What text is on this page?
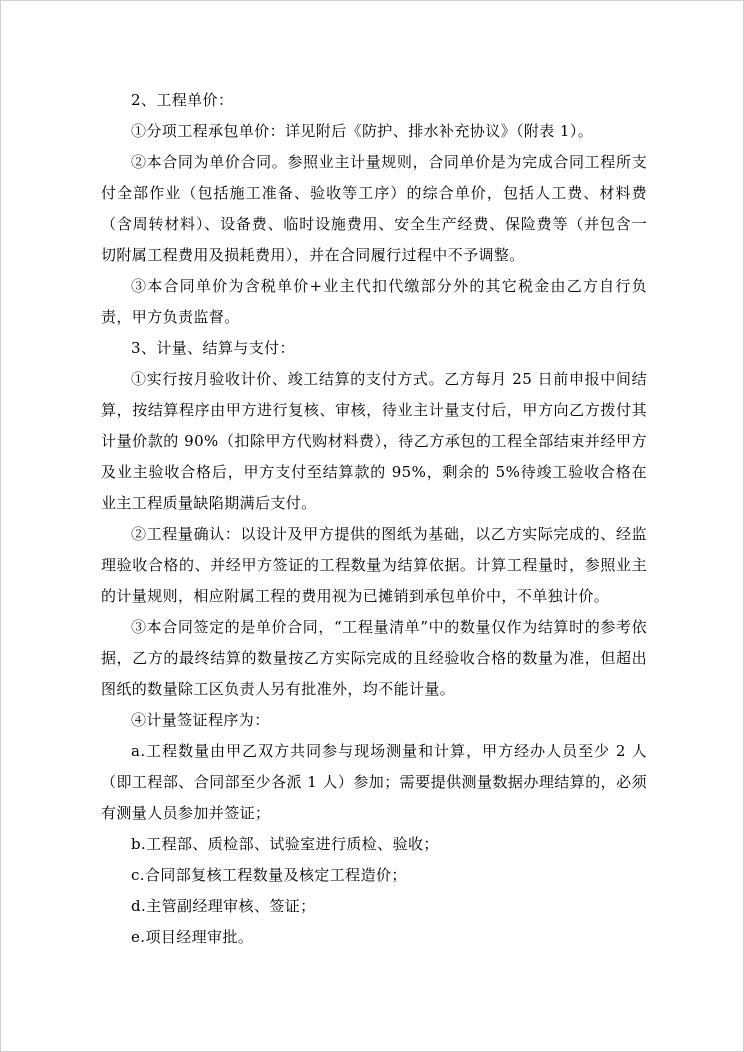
2、工程单价：

①分项工程承包单价：详见附后《防护、排水补充协议》（附表 1）。

②本合同为单价合同。参照业主计量规则，合同单价是为完成合同工程所支付全部作业（包括施工准备、验收等工序）的综合单价，包括人工费、材料费（含周转材料）、设备费、临时设施费用、安全生产经费、保险费等（并包含一切附属工程费用及损耗费用），并在合同履行过程中不予调整。

③本合同单价为含税单价+业主代扣代缴部分外的其它税金由乙方自行负责，甲方负责监督。

3、计量、结算与支付：

①实行按月验收计价、竣工结算的支付方式。乙方每月 25 日前申报中间结算，按结算程序由甲方进行复核、审核，待业主计量支付后，甲方向乙方拨付其计量价款的 90%（扣除甲方代购材料费），待乙方承包的工程全部结束并经甲方及业主验收合格后，甲方支付至结算款的 95%，剩余的 5%待竣工验收合格在业主工程质量缺陷期满后支付。

②工程量确认：以设计及甲方提供的图纸为基础，以乙方实际完成的、经监理验收合格的、并经甲方签证的工程数量为结算依据。计算工程量时，参照业主的计量规则，相应附属工程的费用视为已摊销到承包单价中，不单独计价。

③本合同签定的是单价合同，“工程量清单”中的数量仅作为结算时的参考依据，乙方的最终结算的数量按乙方实际完成的且经验收合格的数量为准，但超出图纸的数量除工区负责人另有批准外，均不能计量。

④计量签证程序为：

a.工程数量由甲乙双方共同参与现场测量和计算，甲方经办人员至少 2 人（即工程部、合同部至少各派 1 人）参加；需要提供测量数据办理结算的，必须有测量人员参加并签证；

b.工程部、质检部、试验室进行质检、验收；

c.合同部复核工程数量及核定工程造价；

d.主管副经理审核、签证；

e.项目经理审批。
